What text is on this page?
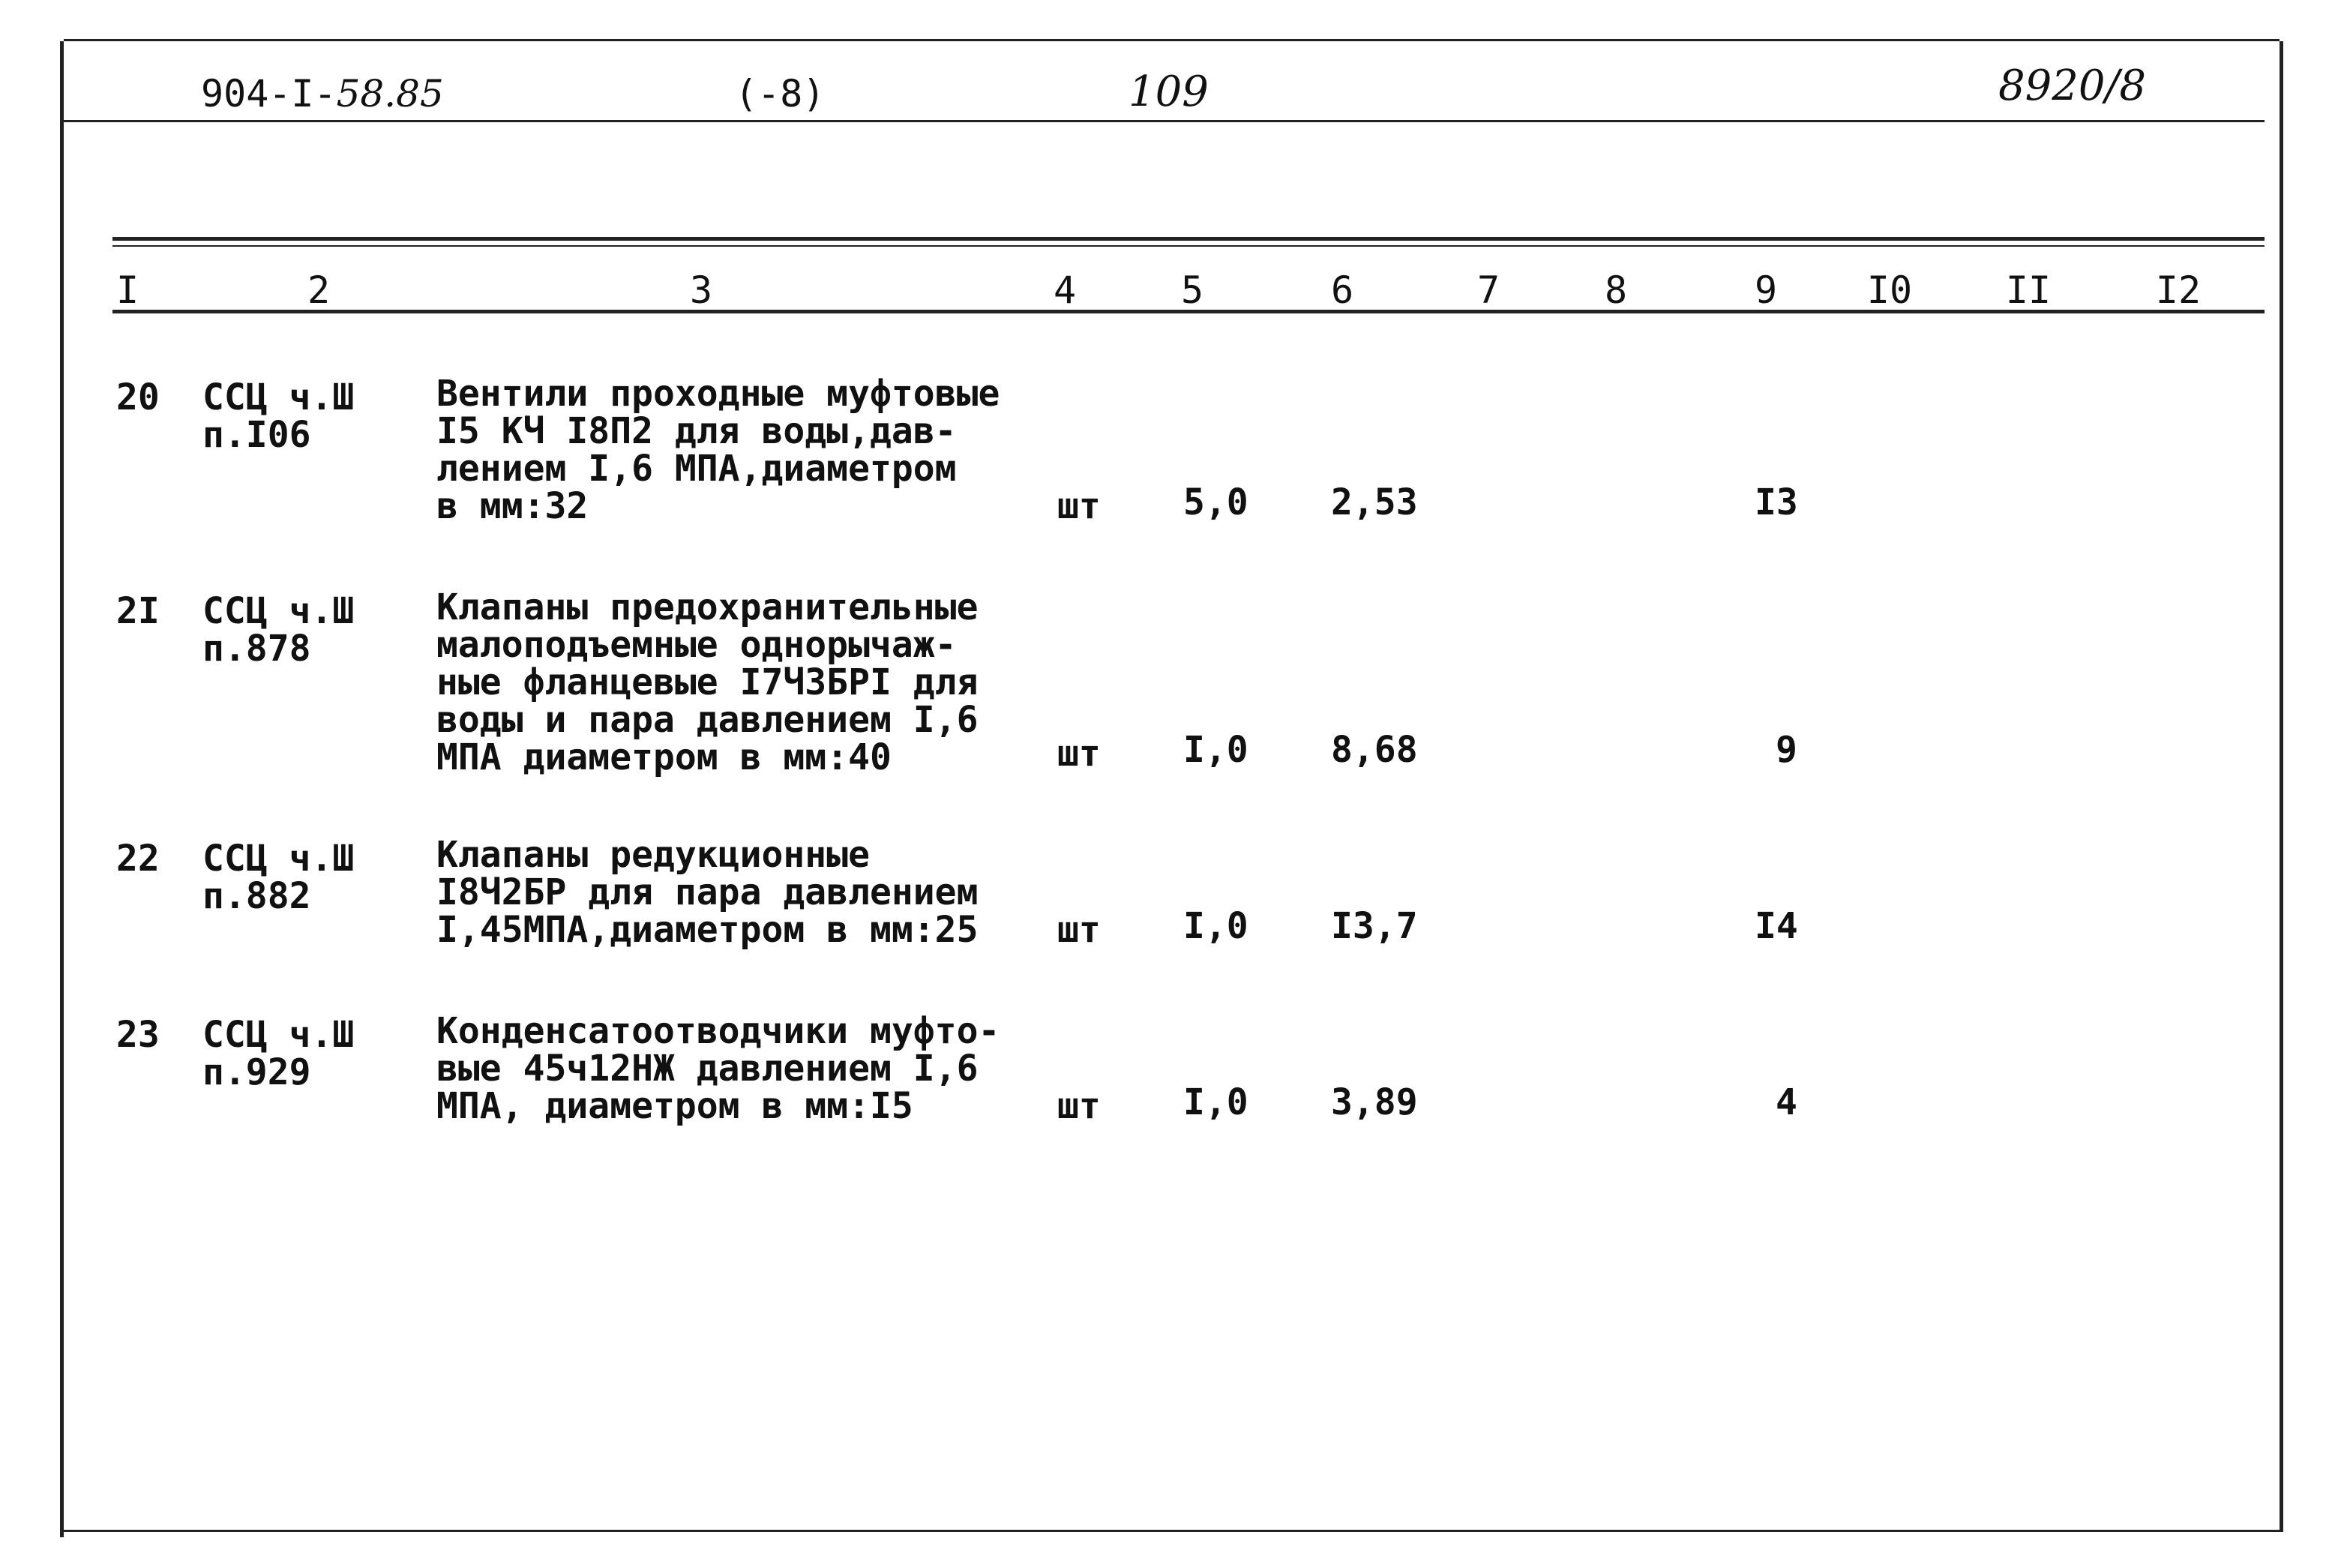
904-I-58.85	(-8)	109	8920/8
I	2	3	4	5	6	7	8	9 I0 II	I2
20 ССЦ ч.Ш
п.I06
Вентили проходные муфтовые
I5 КЧ I8П2 для воды,дав-
лением I,6 МПА,диаметром
в мм:32	шт 5,0 2,53	I3
2I ССЦ ч.Ш
п.878
Клапаны предохранительные
малоподъемные однорычаж-
ные фланцевые I7Ч3БРI для
воды и пара давлением I,6
МПА диаметром в мм:40	шт I,0 8,68	9
22 ССЦ ч.Ш
п.882
Клапаны редукционные
I8Ч2БР для пара давлением
I,45МПА,диаметром в мм:25 шт I,0 I3,7	I4
23 ССЦ ч.Ш
п.929
Конденсатоотводчики муфто-
вые 45ч12НЖ давлением I,6
МПА, диаметром в мм:I5	шт I,0 3,89	4
